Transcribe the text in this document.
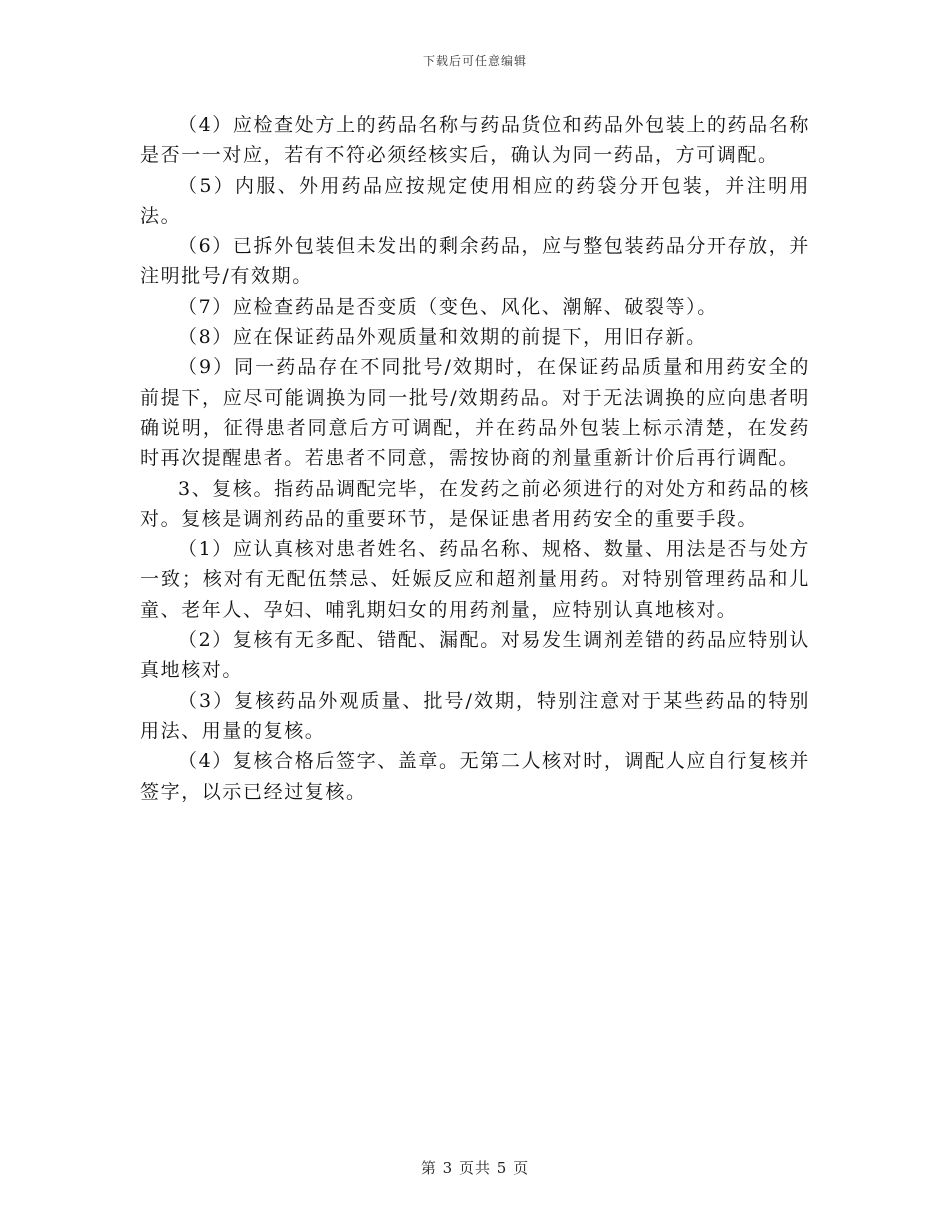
下载后可任意编辑

（4）应检查处方上的药品名称与药品货位和药品外包装上的药品名称是否一一对应，若有不符必须经核实后，确认为同一药品，方可调配。

（5）内服、外用药品应按规定使用相应的药袋分开包装，并注明用法。

（6）已拆外包装但未发出的剩余药品，应与整包装药品分开存放，并注明批号/有效期。

（7）应检查药品是否变质（变色、风化、潮解、破裂等）。

（8）应在保证药品外观质量和效期的前提下，用旧存新。

（9）同一药品存在不同批号/效期时，在保证药品质量和用药安全的前提下，应尽可能调换为同一批号/效期药品。对于无法调换的应向患者明确说明，征得患者同意后方可调配，并在药品外包装上标示清楚，在发药时再次提醒患者。若患者不同意，需按协商的剂量重新计价后再行调配。

3、复核。指药品调配完毕，在发药之前必须进行的对处方和药品的核对。复核是调剂药品的重要环节，是保证患者用药安全的重要手段。

（1）应认真核对患者姓名、药品名称、规格、数量、用法是否与处方一致；核对有无配伍禁忌、妊娠反应和超剂量用药。对特别管理药品和儿童、老年人、孕妇、哺乳期妇女的用药剂量，应特别认真地核对。

（2）复核有无多配、错配、漏配。对易发生调剂差错的药品应特别认真地核对。

（3）复核药品外观质量、批号/效期，特别注意对于某些药品的特别用法、用量的复核。

（4）复核合格后签字、盖章。无第二人核对时，调配人应自行复核并签字，以示已经过复核。

第 3 页共 5 页
